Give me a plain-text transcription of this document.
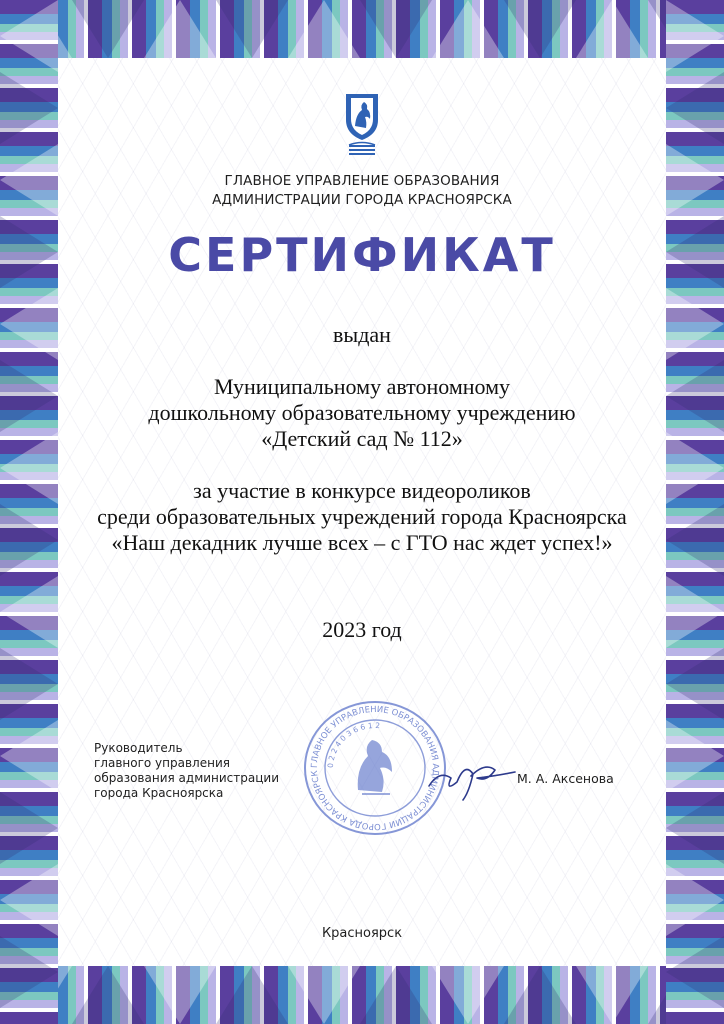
ГЛАВНОЕ УПРАВЛЕНИЕ ОБРАЗОВАНИЯ
АДМИНИСТРАЦИИ ГОРОДА КРАСНОЯРСКА
СЕРТИФИКАТ
выдан
Муниципальному автономному
дошкольному образовательному учреждению
«Детский сад № 112»
за участие в конкурсе видеороликов
среди образовательных учреждений города Красноярска
«Наш декадник лучше всех – с ГТО нас ждет успех!»
2023 год
Руководитель
главного управления
образования администрации
города Красноярска
ГЛАВНОЕ УПРАВЛЕНИЕ ОБРАЗОВАНИЯ АДМИНИСТРАЦИИ ГОРОДА КРАСНОЯРСК
0 2 2 4 0 3 6 6 1 2
М. А. Аксенова
Красноярск
